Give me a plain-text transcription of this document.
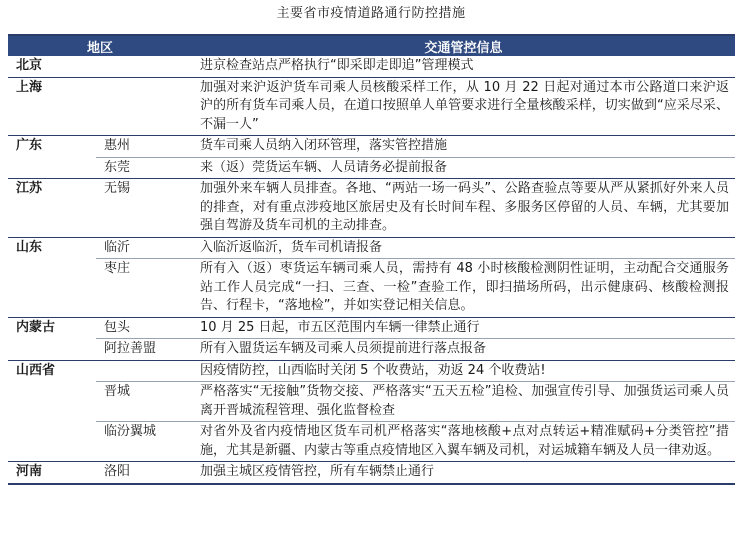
主要省市疫情道路通行防控措施
地区		交通管控信息
北京		进京检查站点严格执行“即采即走即追”管理模式
上海		加强对来沪返沪货车司乘人员核酸采样工作，从 10 月 22 日起对通过本市公路道口来沪返沪的所有货车司乘人员，在道口按照单人单管要求进行全量核酸采样，切实做到“应采尽采、不漏一人”
广东	惠州	货车司乘人员纳入闭环管理，落实管控措施
	东莞	来（返）莞货运车辆、人员请务必提前报备
江苏	无锡	加强外来车辆人员排查。各地、“两站一场一码头”、公路查验点等要从严从紧抓好外来人员的排查，对有重点涉疫地区旅居史及有长时间车程、多服务区停留的人员、车辆，尤其要加强自驾游及货车司机的主动排查。
山东	临沂	入临沂返临沂，货车司机请报备
	枣庄	所有入（返）枣货运车辆司乘人员，需持有 48 小时核酸检测阴性证明，主动配合交通服务站工作人员完成“一扫、三查、一检”查验工作，即扫描场所码，出示健康码、核酸检测报告、行程卡，“落地检”，并如实登记相关信息。
内蒙古	包头	10 月 25 日起，市五区范围内车辆一律禁止通行
	阿拉善盟	所有入盟货运车辆及司乘人员须提前进行落点报备
山西省		因疫情防控，山西临时关闭 5 个收费站，劝返 24 个收费站!
	晋城	严格落实“无接触”货物交接、严格落实“五天五检”追检、加强宣传引导、加强货运司乘人员离开晋城流程管理、强化监督检查
	临汾翼城	对省外及省内疫情地区货车司机严格落实“落地核酸+点对点转运+精准赋码+分类管控”措施，尤其是新疆、内蒙古等重点疫情地区入翼车辆及司机，对运城籍车辆及人员一律劝返。
河南	洛阳	加强主城区疫情管控，所有车辆禁止通行
